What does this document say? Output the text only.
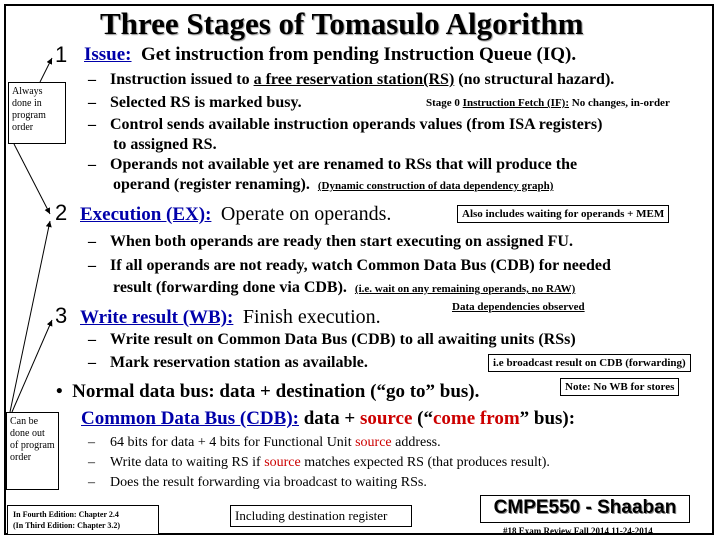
Three Stages of Tomasulo Algorithm
1 Issue: Get instruction from pending Instruction Queue (IQ).
– Instruction issued to a free reservation station(RS) (no structural hazard).
– Selected RS is marked busy.	Stage 0 Instruction Fetch (IF): No changes, in-order
– Control sends available instruction operands values (from ISA registers)
to assigned RS.
– Operands not available yet are renamed to RSs that will produce the
operand (register renaming). (Dynamic construction of data dependency graph)
Always done in program order
2 Execution (EX): Operate on operands.	Also includes waiting for operands + MEM
– When both operands are ready then start executing on assigned FU.
– If all operands are not ready, watch Common Data Bus (CDB) for needed
result (forwarding done via CDB). (i.e. wait on any remaining operands, no RAW)
3 Write result (WB): Finish execution.	Data dependencies observed
– Write result on Common Data Bus (CDB) to all awaiting units (RSs)
– Mark reservation station as available.	i.e broadcast result on CDB (forwarding)
• Normal data bus: data + destination (“go to” bus).	Note: No WB for stores
Common Data Bus (CDB): data + source (“come from” bus):
– 64 bits for data + 4 bits for Functional Unit source address.
– Write data to waiting RS if source matches expected RS (that produces result).
– Does the result forwarding via broadcast to waiting RSs.
Can be done out of program order
In Fourth Edition: Chapter 2.4
(In Third Edition: Chapter 3.2)
Including destination register	CMPE550 - Shaaban
#18 Exam Review Fall 2014 11-24-2014
